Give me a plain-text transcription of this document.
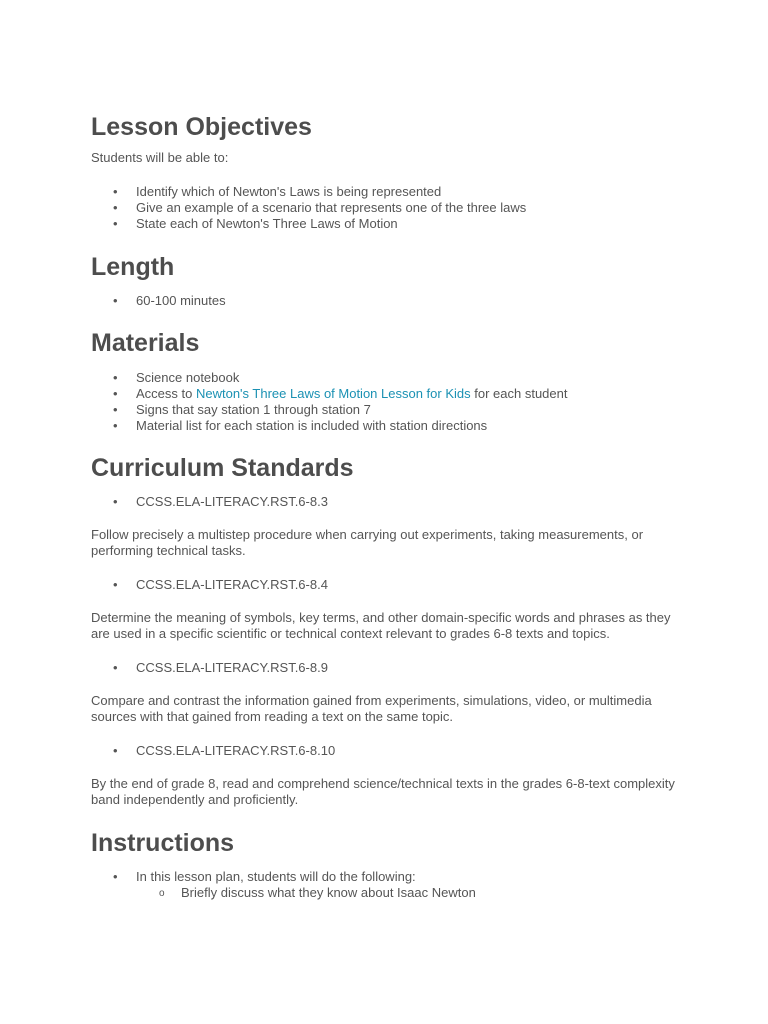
Lesson Objectives

Students will be able to:

• Identify which of Newton's Laws is being represented
• Give an example of a scenario that represents one of the three laws
• State each of Newton's Three Laws of Motion
Length
• 60-100 minutes
Materials
• Science notebook
• Access to Newton's Three Laws of Motion Lesson for Kids for each student
• Signs that say station 1 through station 7
• Material list for each station is included with station directions
Curriculum Standards
• CCSS.ELA-LITERACY.RST.6-8.3

Follow precisely a multistep procedure when carrying out experiments, taking measurements, or performing technical tasks.

• CCSS.ELA-LITERACY.RST.6-8.4

Determine the meaning of symbols, key terms, and other domain-specific words and phrases as they are used in a specific scientific or technical context relevant to grades 6-8 texts and topics.

• CCSS.ELA-LITERACY.RST.6-8.9

Compare and contrast the information gained from experiments, simulations, video, or multimedia sources with that gained from reading a text on the same topic.

• CCSS.ELA-LITERACY.RST.6-8.10

By the end of grade 8, read and comprehend science/technical texts in the grades 6-8-text complexity band independently and proficiently.

Instructions
• In this lesson plan, students will do the following:
o Briefly discuss what they know about Isaac Newton
